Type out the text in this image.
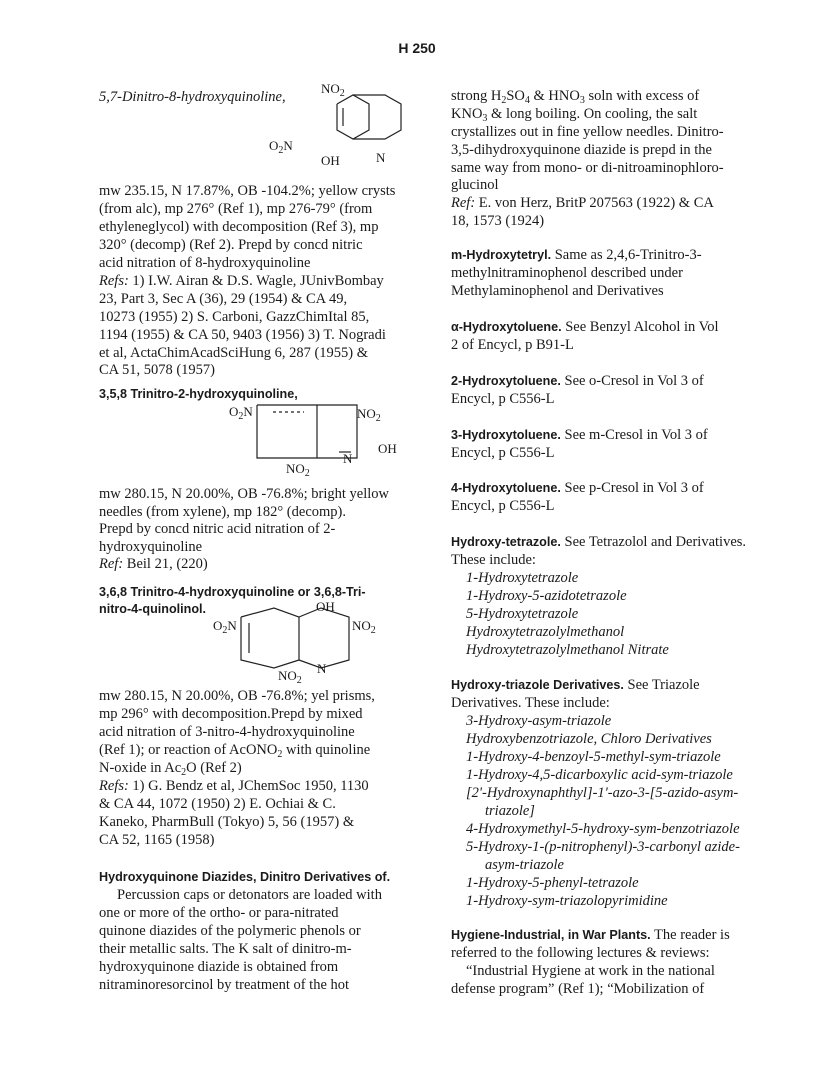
H 250
5,7-Dinitro-8-hydroxyquinoline,
$NO_2$
$O_2N$
OH	N
mw 235.15, N 17.87%, OB -104.2%; yellow crysts
(from alc), mp 276° (Ref 1), mp 276-79° (from
ethyleneglycol) with decomposition (Ref 3), mp
320° (decomp) (Ref 2). Prepd by concd nitric
acid nitration of 8-hydroxyquinoline
Refs: 1) I.W. Airan & D.S. Wagle, JUnivBombay
23, Part 3, Sec A (36), 29 (1954) & CA 49,
10273 (1955) 2) S. Carboni, GazzChimItal 85,
1194 (1955) & CA 50, 9403 (1956) 3) T. Nogradi
et al, ActaChimAcadSciHung 6, 287 (1955) &
CA 51, 5078 (1957)
3,5,8 Trinitro-2-hydroxyquinoline,
$O_2N$	$NO_2$
OH
N
$NO_2$
mw 280.15, N 20.00%, OB -76.8%; bright yellow
needles (from xylene), mp 182° (decomp).
Prepd by concd nitric acid nitration of 2-
hydroxyquinoline
Ref: Beil 21, (220)
3,6,8 Trinitro-4-hydroxyquinoline or 3,6,8-Tri-
nitro-4-quinolinol.	OH
$O_2N$	$NO_2$
$NO_2$
N
mw 280.15, N 20.00%, OB -76.8%; yel prisms,
mp 296° with decomposition.Prepd by mixed
acid nitration of 3-nitro-4-hydroxyquinoline
(Ref 1); or reaction of AcONO$_2$ with quinoline
N-oxide in $Ac_2O$ (Ref 2)
Refs: 1) G. Bendz et al, JChemSoc 1950, 1130
& CA 44, 1072 (1950) 2) E. Ochiai & C.
Kaneko, PharmBull (Tokyo) 5, 56 (1957) &
CA 52, 1165 (1958)
Hydroxyquinone Diazides, Dinitro Derivatives of.
Percussion caps or detonators are loaded with
one or more of the ortho- or para-nitrated
quinone diazides of the polymeric phenols or
their metallic salts. The K salt of dinitro-m-
hydroxyquinone diazide is obtained from
nitraminoresorcinol by treatment of the hot
strong $H_2SO_4$ & $HNO_3$ soln with excess of
$KNO_3$ & long boiling. On cooling, the salt
crystallizes out in fine yellow needles. Dinitro-
3,5-dihydroxyquinone diazide is prepd in the
same way from mono- or di-nitroaminophloro-
glucinol
Ref: E. von Herz, BritP 207563 (1922) & CA
18, 1573 (1924)
m-Hydroxytetryl. Same as 2,4,6-Trinitro-3-
methylnitraminophenol described under
Methylaminophenol and Derivatives
α-Hydroxytoluene. See Benzyl Alcohol in Vol
2 of Encycl, p B91-L
2-Hydroxytoluene. See o-Cresol in Vol 3 of
Encycl, p C556-L
3-Hydroxytoluene. See m-Cresol in Vol 3 of
Encycl, p C556-L
4-Hydroxytoluene. See p-Cresol in Vol 3 of
Encycl, p C556-L
Hydroxy-tetrazole. See Tetrazolol and Derivatives.
These include:
1-Hydroxytetrazole
1-Hydroxy-5-azidotetrazole
5-Hydroxytetrazole
Hydroxytetrazolylmethanol
Hydroxytetrazolylmethanol Nitrate
Hydroxy-triazole Derivatives. See Triazole
Derivatives. These include:
3-Hydroxy-asym-triazole
Hydroxybenzotriazole, Chloro Derivatives
1-Hydroxy-4-benzoyl-5-methyl-sym-triazole
1-Hydroxy-4,5-dicarboxylic acid-sym-triazole
[2'-Hydroxynaphthyl]-1'-azo-3-[5-azido-asym-
triazole]
4-Hydroxymethyl-5-hydroxy-sym-benzotriazole
5-Hydroxy-1-(p-nitrophenyl)-3-carbonyl azide-
asym-triazole
1-Hydroxy-5-phenyl-tetrazole
1-Hydroxy-sym-triazolopyrimidine
Hygiene-Industrial, in War Plants. The reader is
referred to the following lectures & reviews:
“Industrial Hygiene at work in the national
defense program” (Ref 1); “Mobilization of
